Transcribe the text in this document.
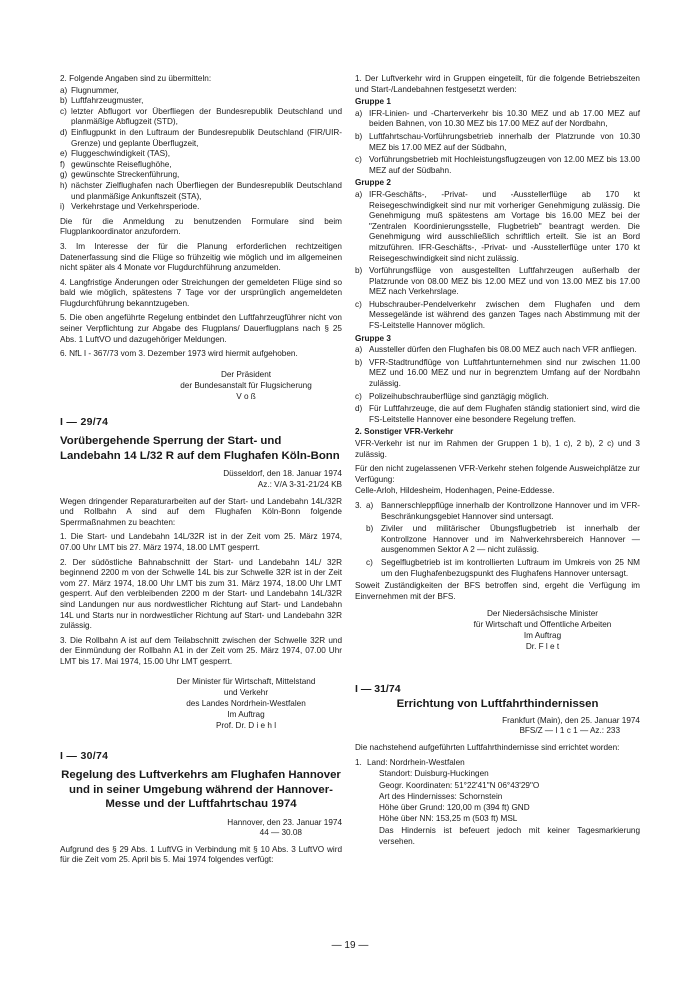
2. Folgende Angaben sind zu übermitteln:

a) Flugnummer,
b) Luftfahrzeugmuster,
c) letzter Abflugort vor Überfliegen der Bundesrepublik Deutschland und planmäßige Abflugzeit (STD),
d) Einflugpunkt in den Luftraum der Bundesrepublik Deutschland (FIR/UIR-Grenze) und geplante Überflugzeit,
e) Fluggeschwindigkeit (TAS),
f) gewünschte Reiseflughöhe,
g) gewünschte Streckenführung,
h) nächster Zielflughafen nach Überfliegen der Bundesrepublik Deutschland und planmäßige Ankunftszeit (STA),
i) Verkehrstage und Verkehrsperiode.

Die für die Anmeldung zu benutzenden Formulare sind beim Flugplankoordinator anzufordern.

3. Im Interesse der für die Planung erforderlichen rechtzeitigen Datenerfassung sind die Flüge so frühzeitig wie möglich und im allgemeinen nicht später als 4 Monate vor Flugdurchführung anzumelden.

4. Langfristige Änderungen oder Streichungen der gemeldeten Flüge sind so bald wie möglich, spätestens 7 Tage vor der ursprünglich angemeldeten Flugdurchführung bekanntzugeben.

5. Die oben angeführte Regelung entbindet den Luftfahrzeugführer nicht von seiner Verpflichtung zur Abgabe des Flugplans/ Dauerflugplans nach § 25 Abs. 1 LuftVO und dazugehöriger Meldungen.

6. NfL I - 367/73 vom 3. Dezember 1973 wird hiermit aufgehoben.

Der Präsident
der Bundesanstalt für Flugsicherung
V o ß
I — 29/74
Vorübergehende Sperrung der Start- und Landebahn 14 L/32 R auf dem Flughafen Köln-Bonn
Düsseldorf, den 18. Januar 1974
Az.: V/A 3-31-21/24 KB

Wegen dringender Reparaturarbeiten auf der Start- und Landebahn 14L/32R und Rollbahn A sind auf dem Flughafen Köln-Bonn folgende Sperrmaßnahmen zu beachten:

1. Die Start- und Landebahn 14L/32R ist in der Zeit vom 25. März 1974, 07.00 Uhr LMT bis 27. März 1974, 18.00 LMT gesperrt.

2. Der südöstliche Bahnabschnitt der Start- und Landebahn 14L/ 32R beginnend 2200 m von der Schwelle 14L bis zur Schwelle 32R ist in der Zeit vom 27. März 1974, 18.00 Uhr LMT bis zum 31. März 1974, 18.00 Uhr LMT gesperrt. Auf den verbleibenden 2200 m der Start- und Landebahn 14L/32R sind Landungen nur aus nordwestlicher Richtung auf Start- und Landebahn 14L und Starts nur in nordwestlicher Richtung auf Start- und Landebahn 32R zulässig.

3. Die Rollbahn A ist auf dem Teilabschnitt zwischen der Schwelle 32R und der Einmündung der Rollbahn A1 in der Zeit vom 25. März 1974, 07.00 Uhr LMT bis 17. Mai 1974, 15.00 Uhr LMT gesperrt.

Der Minister für Wirtschaft, Mittelstand
und Verkehr
des Landes Nordrhein-Westfalen
Im Auftrag
Prof. Dr. D i e h l
I — 30/74
Regelung des Luftverkehrs am Flughafen Hannover und in seiner Umgebung während der Hannover-Messe und der Luftfahrtschau 1974
Hannover, den 23. Januar 1974
44 — 30.08

Aufgrund des § 29 Abs. 1 LuftVG in Verbindung mit § 10 Abs. 3 LuftVO wird für die Zeit vom 25. April bis 5. Mai 1974 folgendes verfügt:

1. Der Luftverkehr wird in Gruppen eingeteilt, für die folgende Betriebszeiten und Start-/Landebahnen festgesetzt werden:

Gruppe 1
a) IFR-Linien- und -Charterverkehr bis 10.30 MEZ und ab 17.00 MEZ auf beiden Bahnen, von 10.30 MEZ bis 17.00 MEZ auf der Nordbahn,
b) Luftfahrtschau-Vorführungsbetrieb innerhalb der Platzrunde von 10.30 MEZ bis 17.00 MEZ auf der Südbahn,
c) Vorführungsbetrieb mit Hochleistungsflugzeugen von 12.00 MEZ bis 13.00 MEZ auf der Südbahn.
Gruppe 2
a) IFR-Geschäfts-, -Privat- und -Ausstellerflüge ab 170 kt Reisegeschwindigkeit sind nur mit vorheriger Genehmigung zulässig. Die Genehmigung muß spätestens am Vortage bis 16.00 MEZ bei der "Zentralen Koordinierungsstelle, Flugbetrieb" beantragt werden. Die Genehmigung wird ausschließlich schriftlich erteilt. Sie ist an Bord mitzuführen. IFR-Geschäfts-, -Privat- und -Ausstellerflüge unter 170 kt Reisegeschwindigkeit sind nicht zulässig.
b) Vorführungsflüge von ausgestellten Luftfahrzeugen außerhalb der Platzrunde von 08.00 MEZ bis 12.00 MEZ und von 13.00 MEZ bis 17.00 MEZ nach Verkehrslage.
c) Hubschrauber-Pendelverkehr zwischen dem Flughafen und dem Messegelände ist während des ganzen Tages nach Abstimmung mit der FS-Leitstelle Hannover möglich.
Gruppe 3
a) Aussteller dürfen den Flughafen bis 08.00 MEZ auch nach VFR anfliegen.
b) VFR-Stadtrundflüge von Luftfahrtunternehmen sind nur zwischen 11.00 MEZ und 16.00 MEZ und nur in begrenztem Umfang auf der Nordbahn zulässig.
c) Polizeihubschrauberflüge sind ganztägig möglich.
d) Für Luftfahrzeuge, die auf dem Flughafen ständig stationiert sind, wird die FS-Leitstelle Hannover eine besondere Regelung treffen.
2. Sonstiger VFR-Verkehr

VFR-Verkehr ist nur im Rahmen der Gruppen 1 b), 1 c), 2 b), 2 c) und 3 zulässig.

Für den nicht zugelassenen VFR-Verkehr stehen folgende Ausweichplätze zur Verfügung:

Celle-Arloh, Hildesheim, Hodenhagen, Peine-Eddesse.

3. a) Bannerschleppflüge innerhalb der Kontrollzone Hannover und im VFR-Beschränkungsgebiet Hannover sind untersagt.
b) Ziviler und militärischer Übungsflugbetrieb ist innerhalb der Kontrollzone Hannover und im Nahverkehrsbereich Hannover — ausgenommen Sektor A 2 — nicht zulässig.
c) Segelflugbetrieb ist im kontrollierten Luftraum im Umkreis von 25 NM um den Flughafenbezugspunkt des Flughafens Hannover untersagt.

Soweit Zuständigkeiten der BFS betroffen sind, ergeht die Verfügung im Einvernehmen mit der BFS.

Der Niedersächsische Minister
für Wirtschaft und Öffentliche Arbeiten
Im Auftrag
Dr. F l e t
I — 31/74
Errichtung von Luftfahrthindernissen
Frankfurt (Main), den 25. Januar 1974
BFS/Z — I 1 c 1 — Az.: 233

Die nachstehend aufgeführten Luftfahrthindernisse sind errichtet worden:

1. Land: Nordrhein-Westfalen
Standort: Duisburg-Huckingen
Geogr. Koordinaten: 51°22'41"N 06°43'29"O
Art des Hindernisses: Schornstein
Höhe über Grund: 120,00 m (394 ft) GND
Höhe über NN: 153,25 m (503 ft) MSL
Das Hindernis ist befeuert jedoch mit keiner Tagesmarkierung versehen.
— 19 —
